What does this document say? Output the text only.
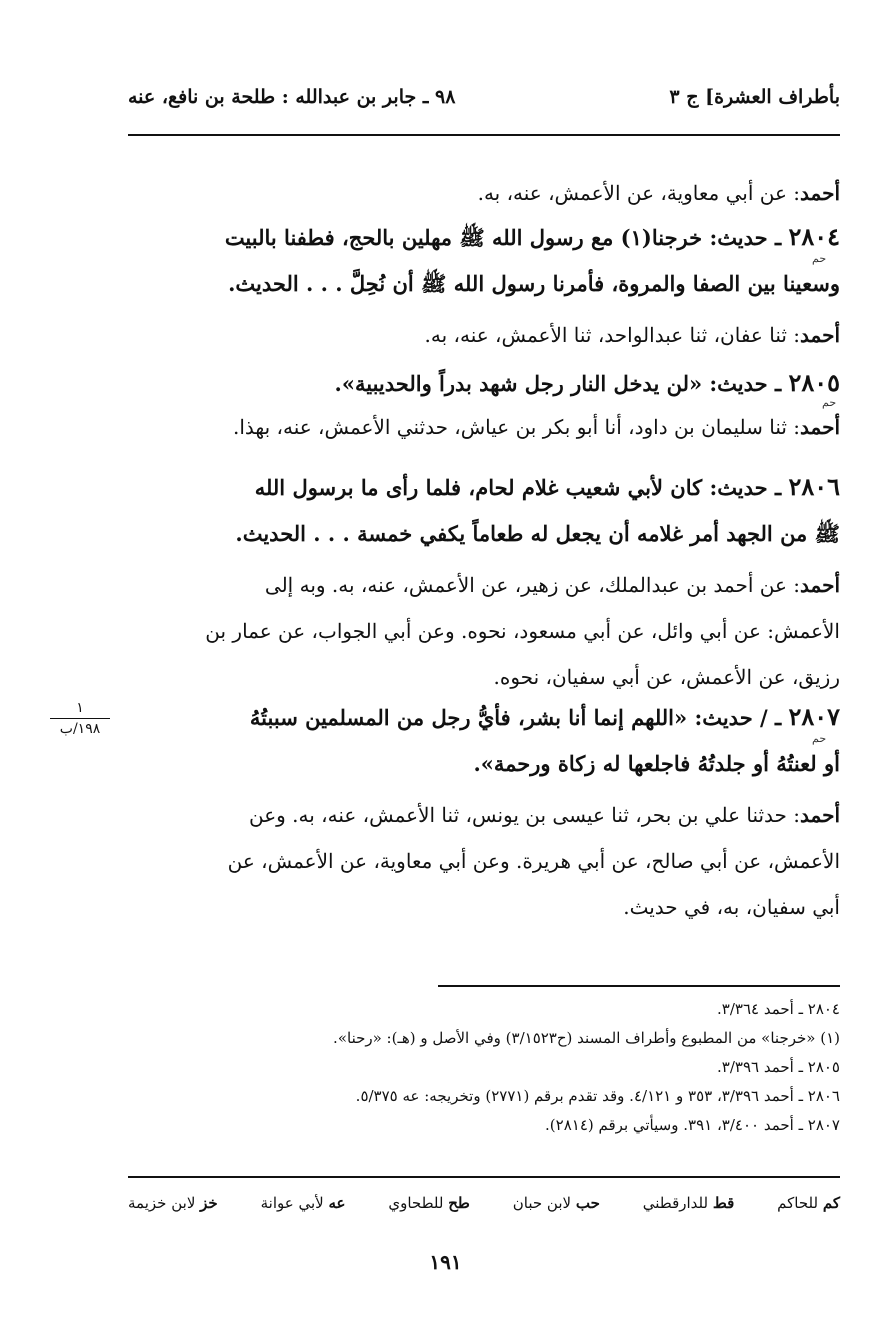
بأطراف العشرة] ج ٣
٩٨ ـ جابر بن عبدالله : طلحة بن نافع، عنه
أحمد: عن أبي معاوية، عن الأعمش، عنه، به.
٢٨٠٤ ـ حديث: خرجنا(١) مع رسول الله ﷺ مهلين بالحج، فطفنا بالبيت
وسعينا بين الصفا والمروة، فأمرنا رسول الله ﷺ أن نُحِلَّ . . . الحديث.
حم
أحمد: ثنا عفان، ثنا عبدالواحد، ثنا الأعمش، عنه، به.
٢٨٠٥ ـ حديث: «لن يدخل النار رجل شهد بدراً والحديبية».
حم
أحمد: ثنا سليمان بن داود، أنا أبو بكر بن عياش، حدثني الأعمش، عنه، بهذا.
٢٨٠٦ ـ حديث: كان لأبي شعيب غلام لحام، فلما رأى ما برسول الله
ﷺ من الجهد أمر غلامه أن يجعل له طعاماً يكفي خمسة . . . الحديث.
أحمد: عن أحمد بن عبدالملك، عن زهير، عن الأعمش، عنه، به. وبه إلى
الأعمش: عن أبي وائل، عن أبي مسعود، نحوه. وعن أبي الجواب، عن عمار بن
رزيق، عن الأعمش، عن أبي سفيان، نحوه.
٢٨٠٧ ـ / حديث: «اللهم إنما أنا بشر، فأيُّ رجل من المسلمين سببتُهُ
أو لعنتُهُ أو جلدتُهُ فاجلعها له زكاة ورحمة».
حم
١
١٩٨/ب
أحمد: حدثنا علي بن بحر، ثنا عيسى بن يونس، ثنا الأعمش، عنه، به. وعن
الأعمش، عن أبي صالح، عن أبي هريرة. وعن أبي معاوية، عن الأعمش، عن
أبي سفيان، به، في حديث.
٢٨٠٤ ـ أحمد ٣/٣٦٤.
(١) «خرجنا» من المطبوع وأطراف المسند (ح٣/١٥٢٣) وفي الأصل و (هـ): «رحنا».
٢٨٠٥ ـ أحمد ٣/٣٩٦.
٢٨٠٦ ـ أحمد ٣/٣٩٦، ٣٥٣ و ٤/١٢١. وقد تقدم برقم (٢٧٧١) وتخريجه: عه ٥/٣٧٥.
٢٨٠٧ ـ أحمد ٣/٤٠٠، ٣٩١. وسيأتي برقم (٢٨١٤).
خز لابن خزيمة	عه لأبي عوانة	طح للطحاوي	حب لابن حبان	قط للدارقطني	كم للحاكم
١٩١
